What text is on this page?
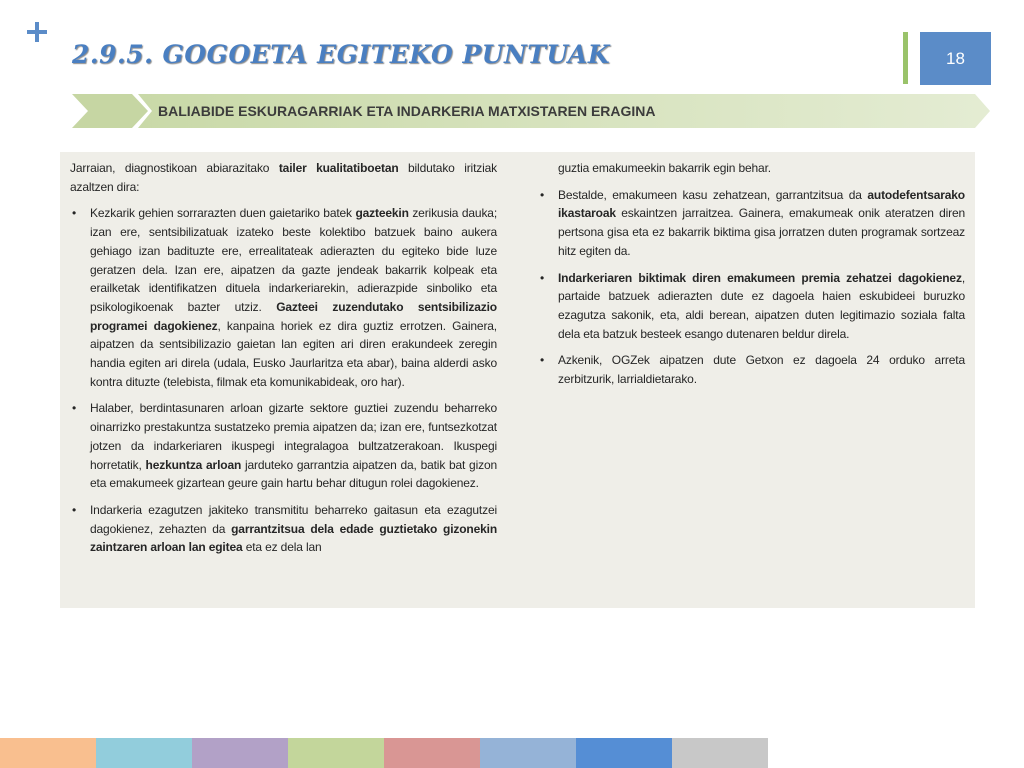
2.9.5. GOGOETA EGITEKO PUNTUAK	18
BALIABIDE ESKURAGARRIAK ETA INDARKERIA MATXISTAREN ERAGINA

Jarraian, diagnostikoan abiarazitako tailer kualitatiboetan bildutako iritziak azaltzen dira:

• Kezkarik gehien sorrarazten duen gaietariko batek gazteekin zerikusia dauka; izan ere, sentsibilizatuak izateko beste kolektibo batzuek baino aukera gehiago izan badituzte ere, errealitateak adierazten du egiteko bide luze geratzen dela. Izan ere, aipatzen da gazte jendeak bakarrik kolpeak eta erailketak identifikatzen dituela indarkeriarekin, adierazpide sinboliko eta psikologikoenak bazter utziz. Gazteei zuzendutako sentsibilizazio programei dagokienez, kanpaina horiek ez dira guztiz errotzen. Gainera, aipatzen da sentsibilizazio gaietan lan egiten ari diren erakundeek zeregin handia egiten ari direla (udala, Eusko Jaurlaritza eta abar), baina alderdi asko kontra dituzte (telebista, filmak eta komunikabideak, oro har).
• Halaber, berdintasunaren arloan gizarte sektore guztiei zuzendu beharreko oinarrizko prestakuntza sustatzeko premia aipatzen da; izan ere, funtsezkotzat jotzen da indarkeriaren ikuspegi integralagoa bultzatzerakoan. Ikuspegi horretatik, hezkuntza arloan jarduteko garrantzia aipatzen da, batik bat gizon eta emakumeek gizartean geure gain hartu behar ditugun rolei dagokienez.
• Indarkeria ezagutzen jakiteko transmititu beharreko gaitasun eta ezagutzei dagokienez, zehazten da garrantzitsua dela edade guztietako gizonekin zaintzaren arloan lan egitea eta ez dela lan

guztia emakumeekin bakarrik egin behar.

• Bestalde, emakumeen kasu zehatzean, garrantzitsua da autodefentsarako ikastaroak eskaintzen jarraitzea. Gainera, emakumeak onik ateratzen diren pertsona gisa eta ez bakarrik biktima gisa jorratzen duten programak sortzeaz hitz egiten da.
• Indarkeriaren biktimak diren emakumeen premia zehatzei dagokienez, partaide batzuek adierazten dute ez dagoela haien eskubideei buruzko ezagutza sakonik, eta, aldi berean, aipatzen duten legitimazio soziala falta dela eta batzuk besteek esango dutenaren beldur direla.
• Azkenik, OGZek aipatzen dute Getxon ez dagoela 24 orduko arreta zerbitzurik, larrialdietarako.
